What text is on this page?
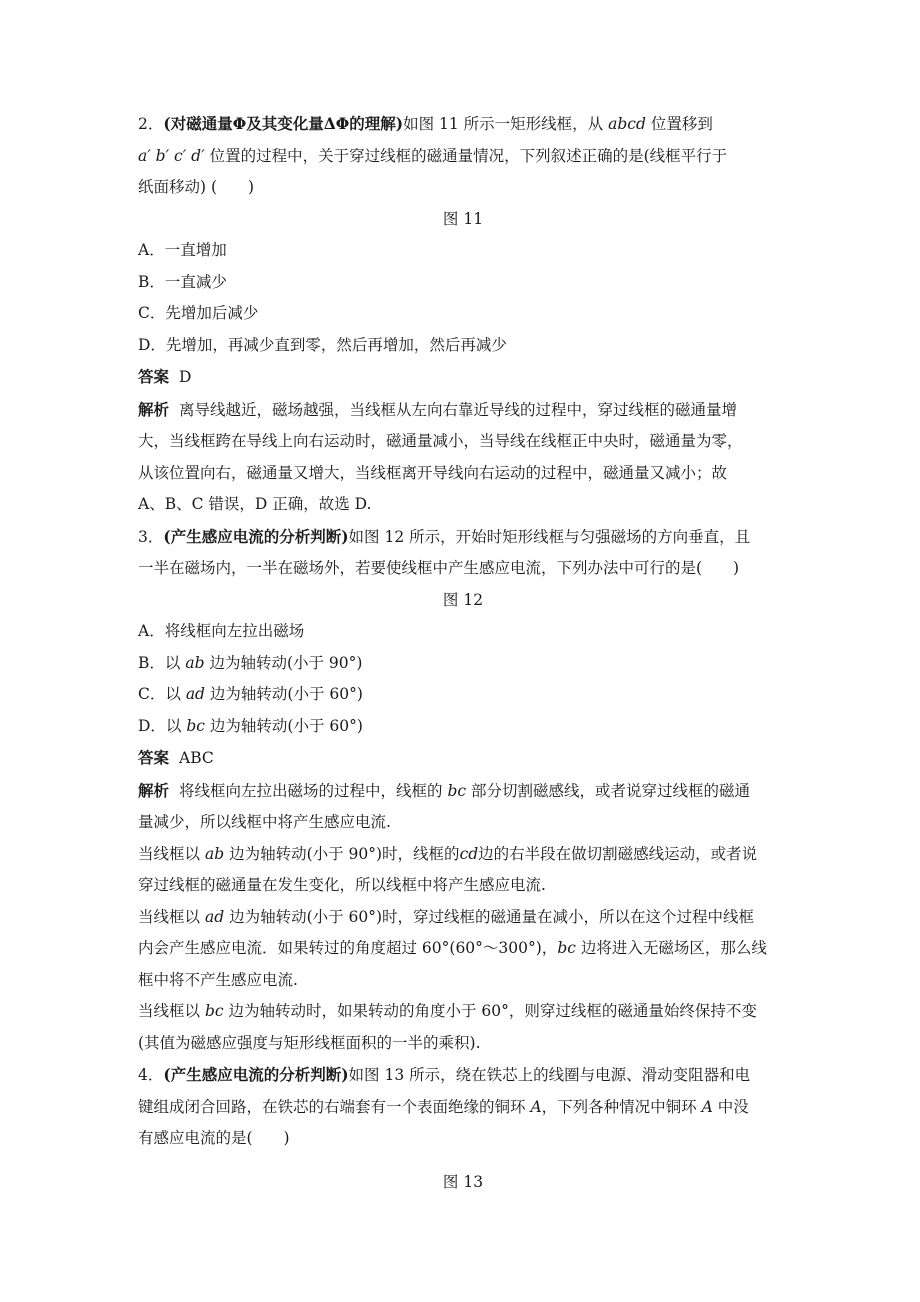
2．(对磁通量Φ及其变化量ΔΦ的理解)如图 11 所示一矩形线框，从 abcd 位置移到
a′ b′ c′ d′ 位置的过程中，关于穿过线框的磁通量情况，下列叙述正确的是(线框平行于
纸面移动) (　　)
图 11
A．一直增加
B．一直减少
C．先增加后减少
D．先增加，再减少直到零，然后再增加，然后再减少
答案 D
解析 离导线越近，磁场越强，当线框从左向右靠近导线的过程中，穿过线框的磁通量增
大，当线框跨在导线上向右运动时，磁通量减小，当导线在线框正中央时，磁通量为零，
从该位置向右，磁通量又增大，当线框离开导线向右运动的过程中，磁通量又减小；故
A、B、C 错误，D 正确，故选 D.
3．(产生感应电流的分析判断)如图 12 所示，开始时矩形线框与匀强磁场的方向垂直，且
一半在磁场内，一半在磁场外，若要使线框中产生感应电流，下列办法中可行的是(　　)
图 12
A．将线框向左拉出磁场
B．以 ab 边为轴转动(小于 90°)
C．以 ad 边为轴转动(小于 60°)
D．以 bc 边为轴转动(小于 60°)
答案 ABC
解析 将线框向左拉出磁场的过程中，线框的 bc 部分切割磁感线，或者说穿过线框的磁通
量减少，所以线框中将产生感应电流.
当线框以 ab 边为轴转动(小于 90°)时，线框的cd边的右半段在做切割磁感线运动，或者说
穿过线框的磁通量在发生变化，所以线框中将产生感应电流.
当线框以 ad 边为轴转动(小于 60°)时，穿过线框的磁通量在减小，所以在这个过程中线框
内会产生感应电流．如果转过的角度超过 60°(60°～300°)，bc 边将进入无磁场区，那么线
框中将不产生感应电流.
当线框以 bc 边为轴转动时，如果转动的角度小于 60°，则穿过线框的磁通量始终保持不变
(其值为磁感应强度与矩形线框面积的一半的乘积).
4．(产生感应电流的分析判断)如图 13 所示，绕在铁芯上的线圈与电源、滑动变阻器和电
键组成闭合回路，在铁芯的右端套有一个表面绝缘的铜环 A，下列各种情况中铜环 A 中没
有感应电流的是(　　)
图 13
